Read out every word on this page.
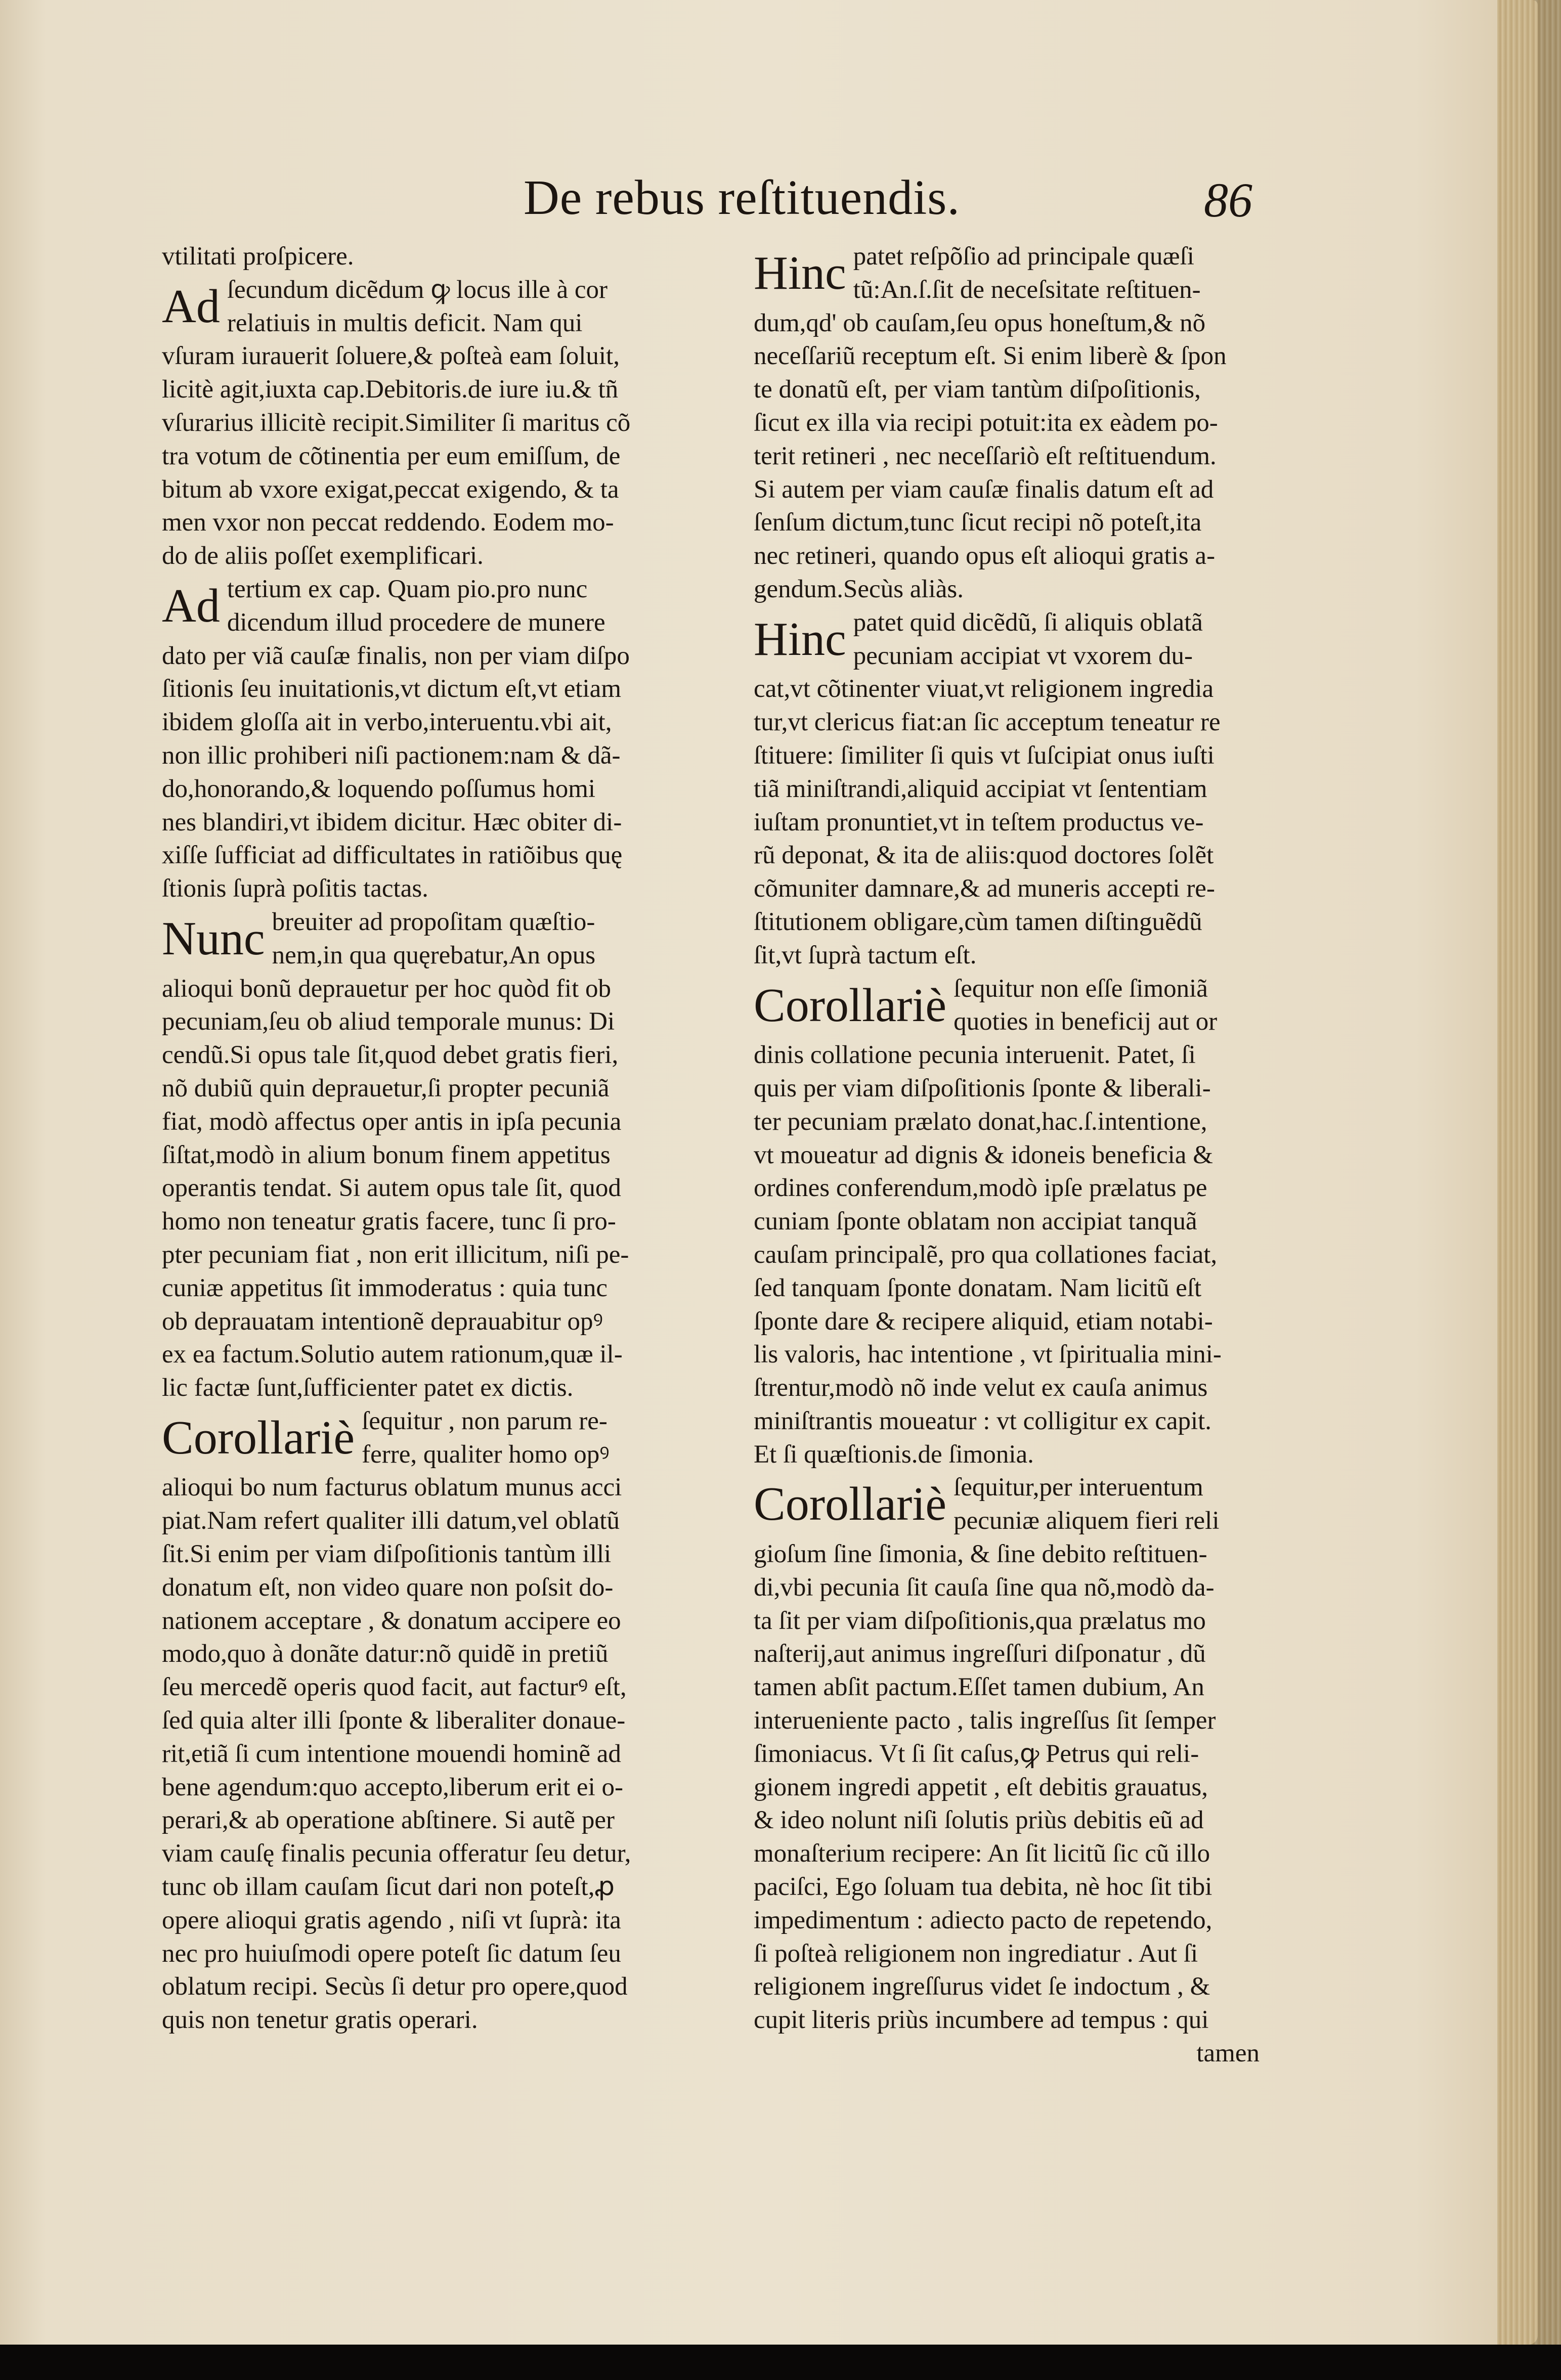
De rebus reſtituendis.	86
vtilitati proſpicere.
Ad ſecundum dicẽdum ꝙ locus ille à cor
relatiuis in multis deficit. Nam qui
vſuram iurauerit ſoluere,& poſteà eam ſoluit,
licitè agit,iuxta cap.Debitoris.de iure iu.& tñ
vſurarius illicitè recipit.Similiter ſi maritus cõ
tra votum de cõtinentia per eum emiſſum, de
bitum ab vxore exigat,peccat exigendo, & ta
men vxor non peccat reddendo. Eodem mo-
do de aliis poſſet exemplificari.
Ad tertium ex cap. Quam pio.pro nunc
dicendum illud procedere de munere
dato per viã cauſæ finalis, non per viam diſpo
ſitionis ſeu inuitationis,vt dictum eſt,vt etiam
ibidem gloſſa ait in verbo,interuentu.vbi ait,
non illic prohiberi niſi pactionem:nam & dã-
do,honorando,& loquendo poſſumus homi
nes blandiri,vt ibidem dicitur. Hæc obiter di-
xiſſe ſufficiat ad difficultates in ratiõibus quę
ſtionis ſuprà poſitis tactas.
Nunc breuiter ad propoſitam quæſtio-
nem,in qua quęrebatur,An opus
alioqui bonũ deprauetur per hoc quòd fit ob
pecuniam,ſeu ob aliud temporale munus: Di
cendũ.Si opus tale ſit,quod debet gratis fieri,
nõ dubiũ quin deprauetur,ſi propter pecuniã
fiat, modò affectus oper antis in ipſa pecunia
ſiſtat,modò in alium bonum finem appetitus
operantis tendat. Si autem opus tale ſit, quod
homo non teneatur gratis facere, tunc ſi pro-
pter pecuniam fiat , non erit illicitum, niſi pe-
cuniæ appetitus ſit immoderatus : quia tunc
ob deprauatam intentionẽ deprauabitur opꝰ
ex ea factum.Solutio autem rationum,quæ il-
lic factæ ſunt,ſufficienter patet ex dictis.
Corollariè ſequitur , non parum re-
ferre, qualiter homo opꝰ
alioqui bo num facturus oblatum munus acci
piat.Nam refert qualiter illi datum,vel oblatũ
ſit.Si enim per viam diſpoſitionis tantùm illi
donatum eſt, non video quare non poſsit do-
nationem acceptare , & donatum accipere eo
modo,quo à donãte datur:nõ quidẽ in pretiũ
ſeu mercedẽ operis quod facit, aut facturꝰ eſt,
ſed quia alter illi ſponte & liberaliter donaue-
rit,etiã ſi cum intentione mouendi hominẽ ad
bene agendum:quo accepto,liberum erit ei o-
perari,& ab operatione abſtinere. Si autẽ per
viam cauſę finalis pecunia offeratur ſeu detur,
tunc ob illam cauſam ſicut dari non poteſt,ꝓ
opere alioqui gratis agendo , niſi vt ſuprà: ita
nec pro huiuſmodi opere poteſt ſic datum ſeu
oblatum recipi. Secùs ſi detur pro opere,quod
quis non tenetur gratis operari.
Hinc patet reſpõſio ad principale quæſi
tũ:An.ſ.ſit de neceſsitate reſtituen-
dum,qd' ob cauſam,ſeu opus honeſtum,& nõ
neceſſariũ receptum eſt. Si enim liberè & ſpon
te donatũ eſt, per viam tantùm diſpoſitionis,
ſicut ex illa via recipi potuit:ita ex eàdem po-
terit retineri , nec neceſſariò eſt reſtituendum.
Si autem per viam cauſæ finalis datum eſt ad
ſenſum dictum,tunc ſicut recipi nõ poteſt,ita
nec retineri, quando opus eſt alioqui gratis a-
gendum.Secùs aliàs.
Hinc patet quid dicẽdũ, ſi aliquis oblatã
pecuniam accipiat vt vxorem du-
cat,vt cõtinenter viuat,vt religionem ingredia
tur,vt clericus fiat:an ſic acceptum teneatur re
ſtituere: ſimiliter ſi quis vt ſuſcipiat onus iuſti
tiã miniſtrandi,aliquid accipiat vt ſententiam
iuſtam pronuntiet,vt in teſtem productus ve-
rũ deponat, & ita de aliis:quod doctores ſolẽt
cõmuniter damnare,& ad muneris accepti re-
ſtitutionem obligare,cùm tamen diſtinguẽdũ
ſit,vt ſuprà tactum eſt.
Corollariè ſequitur non eſſe ſimoniã
quoties in beneficij aut or
dinis collatione pecunia interuenit. Patet, ſi
quis per viam diſpoſitionis ſponte & liberali-
ter pecuniam prælato donat,hac.ſ.intentione,
vt moueatur ad dignis & idoneis beneficia &
ordines conferendum,modò ipſe prælatus pe
cuniam ſponte oblatam non accipiat tanquã
cauſam principalẽ, pro qua collationes faciat,
ſed tanquam ſponte donatam. Nam licitũ eſt
ſponte dare & recipere aliquid, etiam notabi-
lis valoris, hac intentione , vt ſpiritualia mini-
ſtrentur,modò nõ inde velut ex cauſa animus
miniſtrantis moueatur : vt colligitur ex capit.
Et ſi quæſtionis.de ſimonia.
Corollariè ſequitur,per interuentum
pecuniæ aliquem fieri reli
gioſum ſine ſimonia, & ſine debito reſtituen-
di,vbi pecunia ſit cauſa ſine qua nõ,modò da-
ta ſit per viam diſpoſitionis,qua prælatus mo
naſterij,aut animus ingreſſuri diſponatur , dũ
tamen abſit pactum.Eſſet tamen dubium, An
interueniente pacto , talis ingreſſus ſit ſemper
ſimoniacus. Vt ſi ſit caſus,ꝙ Petrus qui reli-
gionem ingredi appetit , eſt debitis grauatus,
& ideo nolunt niſi ſolutis priùs debitis eũ ad
monaſterium recipere: An ſit licitũ ſic cũ illo
paciſci, Ego ſoluam tua debita, nè hoc ſit tibi
impedimentum : adiecto pacto de repetendo,
ſi poſteà religionem non ingrediatur . Aut ſi
religionem ingreſſurus videt ſe indoctum , &
cupit literis priùs incumbere ad tempus : qui
tamen
